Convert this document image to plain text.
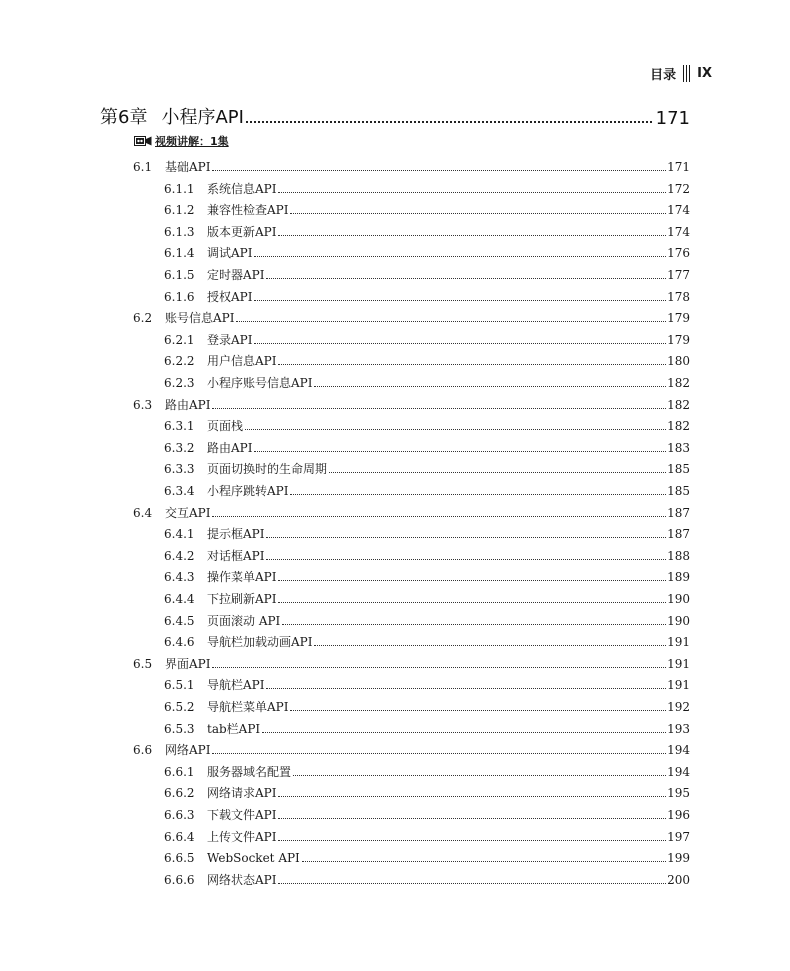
目录 IX
第6章 小程序API	171
视频讲解：1集
6.1	基础API	171
6.1.1	系统信息API	172
6.1.2	兼容性检查API	174
6.1.3	版本更新API	174
6.1.4	调试API	176
6.1.5	定时器API	177
6.1.6	授权API	178
6.2	账号信息API	179
6.2.1	登录API	179
6.2.2	用户信息API	180
6.2.3	小程序账号信息API	182
6.3	路由API	182
6.3.1	页面栈	182
6.3.2	路由API	183
6.3.3	页面切换时的生命周期	185
6.3.4	小程序跳转API	185
6.4	交互API	187
6.4.1	提示框API	187
6.4.2	对话框API	188
6.4.3	操作菜单API	189
6.4.4	下拉刷新API	190
6.4.5	页面滚动 API	190
6.4.6	导航栏加载动画API	191
6.5	界面API	191
6.5.1	导航栏API	191
6.5.2	导航栏菜单API	192
6.5.3	tab栏API	193
6.6	网络API	194
6.6.1	服务器域名配置	194
6.6.2	网络请求API	195
6.6.3	下载文件API	196
6.6.4	上传文件API	197
6.6.5	WebSocket API	199
6.6.6	网络状态API	200
